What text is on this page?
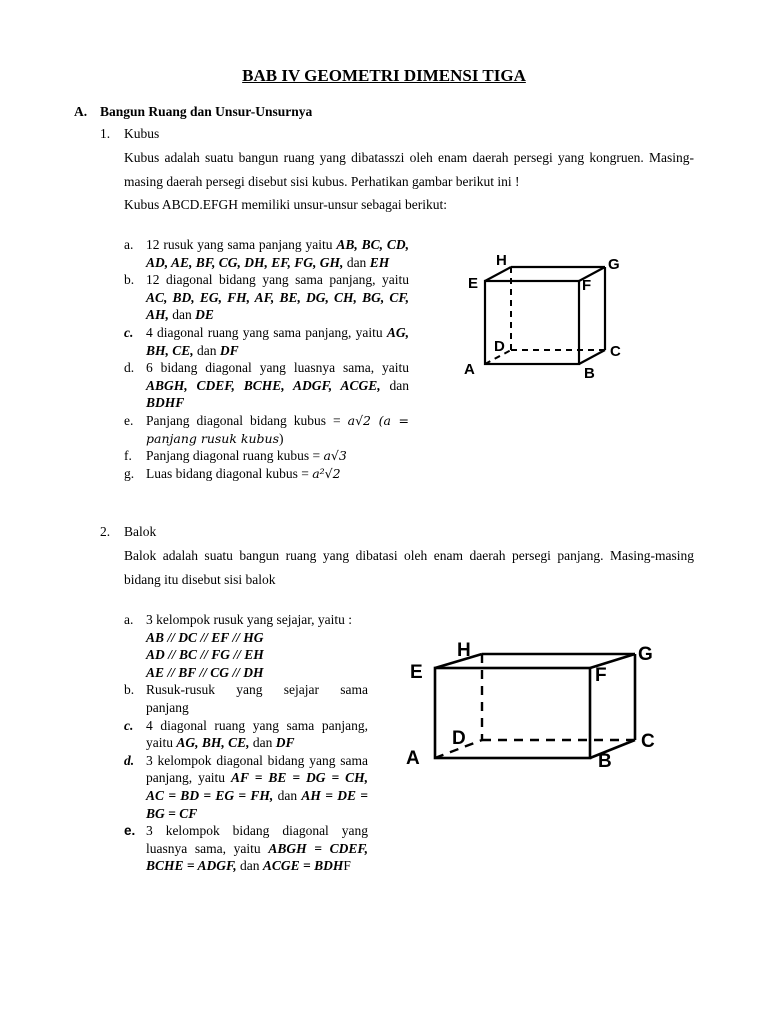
BAB IV GEOMETRI DIMENSI TIGA
A. Bangun Ruang dan Unsur-Unsurnya
1. Kubus
Kubus adalah suatu bangun ruang yang dibatasszi oleh enam daerah persegi yang kongruen. Masing-masing daerah persegi disebut sisi kubus. Perhatikan gambar berikut ini !
Kubus ABCD.EFGH memiliki unsur-unsur sebagai berikut:
a. 12 rusuk yang sama panjang yaitu AB, BC, CD, AD, AE, BF, CG, DH, EF, FG, GH, dan EH
b. 12 diagonal bidang yang sama panjang, yaitu AC, BD, EG, FH, AF, BE, DG, CH, BG, CF, AH, dan DE
c. 4 diagonal ruang yang sama panjang, yaitu AG, BH, CE, dan DF
d. 6 bidang diagonal yang luasnya sama, yaitu ABGH, CDEF, BCHE, ADGF, ACGE, dan BDHF
e. Panjang diagonal bidang kubus = a√2 (a = panjang rusuk kubus)
f. Panjang diagonal ruang kubus = a√3
g. Luas bidang diagonal kubus = a²√2
H	G
E	F
D	C
A	B
2. Balok
Balok adalah suatu bangun ruang yang dibatasi oleh enam daerah persegi panjang. Masing-masing bidang itu disebut sisi balok
a. 3 kelompok rusuk yang sejajar, yaitu :
AB // DC // EF // HG
AD // BC // FG // EH
AE // BF // CG // DH
b. Rusuk-rusuk yang sejajar sama
panjang
c. 4 diagonal ruang yang sama panjang, yaitu AG, BH, CE, dan DF
d. 3 kelompok diagonal bidang yang sama panjang, yaitu AF = BE = DG = CH, AC = BD = EG = FH, dan AH = DE = BG = CF
e. 3 kelompok bidang diagonal yang luasnya sama, yaitu ABGH = CDEF, BCHE = ADGF, dan ACGE = BDHF
H	G
E	F
D	C
A	B
